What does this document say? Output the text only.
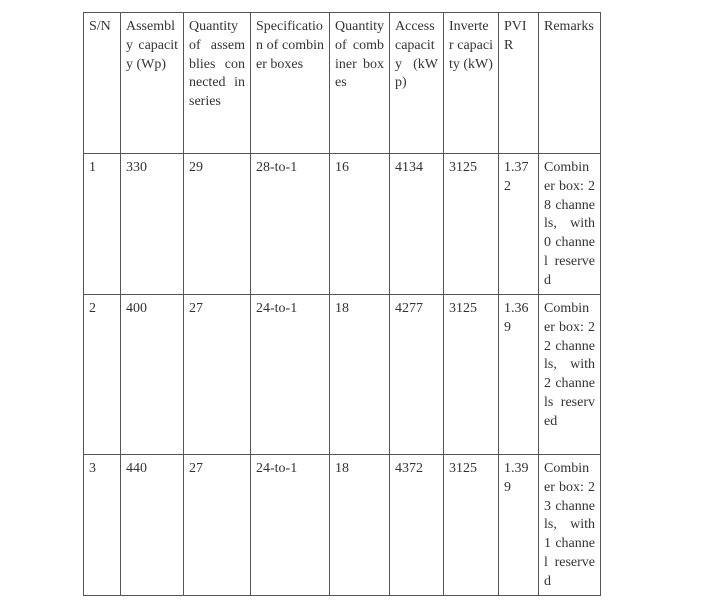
S/N	Assembly capacity (Wp)	Quantity of assemblies connected in series	Specification of combiner boxes	Quantity of combiner boxes	Access capacity (kWp)	Inverter capacity (kW)	PVIR	Remarks
1	330	29	28-to-1	16	4134	3125	1.372	Combiner box: 28 channels, with 0 channel reserved
2	400	27	24-to-1	18	4277	3125	1.369	Combiner box: 22 channels, with 2 channels reserved
3	440	27	24-to-1	18	4372	3125	1.399	Combiner box: 23 channels, with 1 channel reserved
